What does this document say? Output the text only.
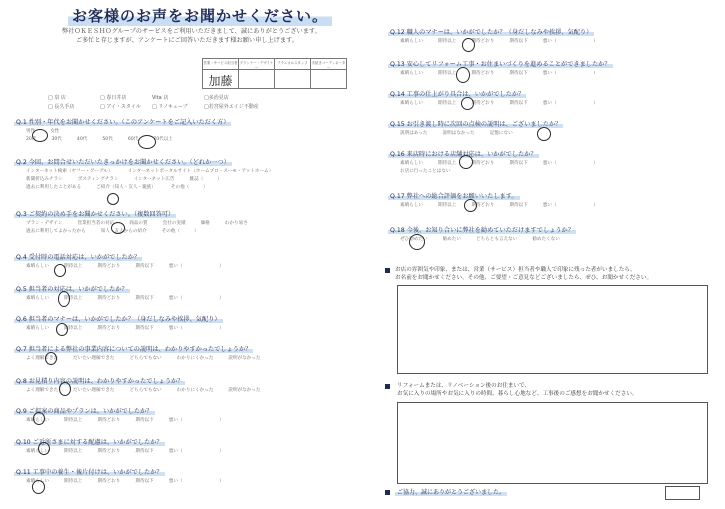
お客様のお声をお聞かせください。
弊社ＯＫＥＳＨＯグループのサービスをご利用いただきまして、誠にありがとうございます。
ご多忙と存じますが、アンケートにご回答いただきます様お願い申し上げます。
営業・サービス担当者
加藤
プランナー・デザイナー
テクニカルスタッフ	手続きコーディネーター
□ 泉 店	□ 春日井店	Vita 店	□多治見店
□ 長久手店	□ アイ・スタイル	□ リノキューブ	□若宮屋外エイジ不動産
Q.1 性別・年代をお聞かせください。（このアンケートをご記入いただく方）
男性	女性
20代	30代	40代	50代	60代	70代以上
Q.2 今回、お問合せいただいたきっかけをお聞かせください。（どれか一つ）
インターネット検索（ヤフー・グーグル）	インターネットポータルサイト（ホームプロ・スーモ・アットホーム）
新聞折込みチラシ	ポスティングチラシ	インターネット広告	雑誌（　　　）
過去に利用したことがある	ご紹介（知人・友人・親族）	その他（　　　）
Q.3 ご契約の決め手をお聞かせください。（複数回答可）
プラン・デザイン	営業担当者の対応	商品の質	会社の実績	価格	わかり易さ
過去に利用してよかったから	知人・友人からの紹介	その他（　　　）
Q.4 受付時の電話対応は、いかがでしたか？
素晴らしい	期待以上	期待どおり	期待以下	悪い（　　　　　　　　）
Q.5 担当者の対応は、いかがでしたか？
素晴らしい	期待以上	期待どおり	期待以下	悪い（　　　　　　　　）
Q.6 担当者のマナーは、いかがでしたか？（身だしなみや挨拶、気配り）
素晴らしい	期待以上	期待どおり	期待以下	悪い（　　　　　　　　）
Q.7 担当者による弊社の事業内容についての説明は、わかりやすかったでしょうか？
よく理解できた	だいたい理解できた	どちらでもない	わかりにくかった	説明がなかった
Q.8 お見積り内容の説明は、わかりやすかったでしょうか？
よく理解できた	だいたい理解できた	どちらでもない	わかりにくかった	説明がなかった
Q.9 ご提案の商品やプランは、いかがでしたか？
素晴らしい	期待以上	期待どおり	期待以下	悪い（　　　　　　　　）
Q.10 ご近所さまに対する配慮は、いかがでしたか？
素晴らしい	期待以上	期待どおり	期待以下	悪い（　　　　　　　　）
Q.11 工事中の養生・後片付けは、いかがでしたか？
素晴らしい	期待以上	期待どおり	期待以下	悪い（　　　　　　　　）
Q.12 職人のマナーは、いかがでしたか？（身だしなみや挨拶、気配り）
素晴らしい	期待以上	期待どおり	期待以下	悪い（　　　　　　　　）
Q.13 安心してリフォーム工事・お住まいづくりを進めることができましたか？
素晴らしい	期待以上	期待どおり	期待以下	悪い（　　　　　　　　）
Q.14 工事の仕上がり具合は、いかがでしたか？
素晴らしい	期待以上	期待どおり	期待以下	悪い（　　　　　　　　）
Q.15 お引き渡し時に次回の点検の説明は、ございましたか？
説明はあった	説明はなかった	記憶にない
Q.16 来店時における店舗対応は、いかがでしたか？
素晴らしい	期待以上	期待どおり	期待以下	悪い（　　　　　　　　）
お店に行ったことはない
Q.17 弊社への総合評価をお願いいたします。
素晴らしい	期待以上	期待どおり	期待以下	悪い（　　　　　　　　）
Q.18 今後、お知り合いに弊社を勧めていただけますでしょうか？
ぜひ勧めたい	勧めたい	どちらとも言えない	勧めたくない
お店の雰囲気や印象、または、営業（サービス）担当者や職人で印象に残った者がいましたら、
お名前をお聞かせください。その他、ご要望・ご意見などございましたら、ぜひ、お聞かせください。
リフォームまたは、リノベーション後のお住まいで、
お気に入りの場所やお気に入りの時間、暮らし心地など、工事後のご感想をお聞かせください。
ご協力、誠にありがとうございました。
